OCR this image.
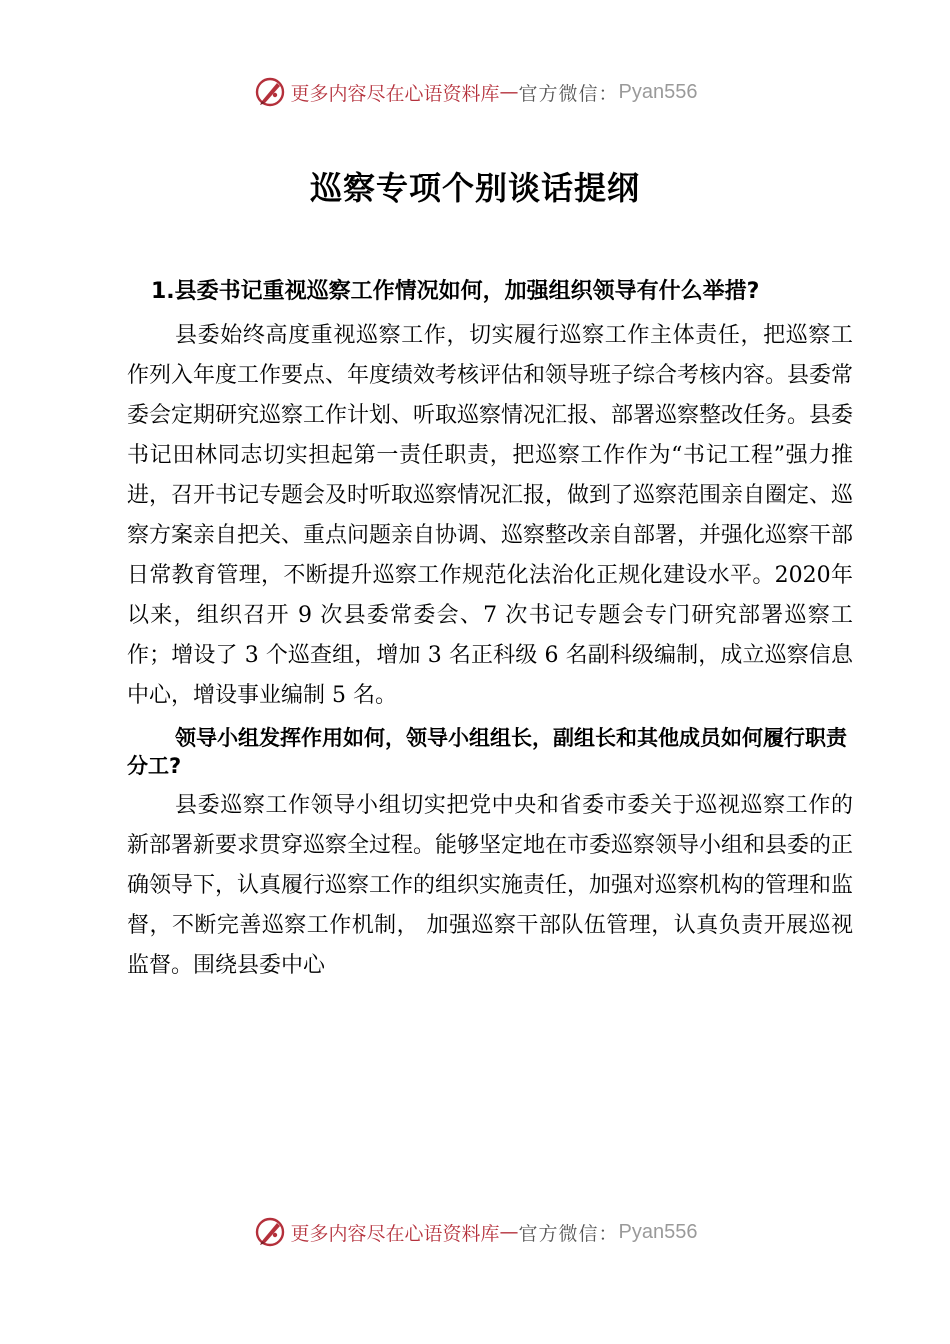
更多内容尽在心语资料库 — 官方微信： Pyan556
巡察专项个别谈话提纲

1.县委书记重视巡察工作情况如何，加强组织领导有什么举措?

县委始终高度重视巡察工作，切实履行巡察工作主体责任，把巡察工作列入年度工作要点、年度绩效考核评估和领导班子综合考核内容。县委常委会定期研究巡察工作计划、听取巡察情况汇报、部署巡察整改任务。县委书记田林同志切实担起第一责任职责，把巡察工作作为“书记工程”强力推进，召开书记专题会及时听取巡察情况汇报，做到了巡察范围亲自圈定、巡察方案亲自把关、重点问题亲自协调、巡察整改亲自部署，并强化巡察干部日常教育管理，不断提升巡察工作规范化法治化正规化建设水平。2020年以来，组织召开 9 次县委常委会、7 次书记专题会专门研究部署巡察工作；增设了 3 个巡查组，增加 3 名正科级 6 名副科级编制，成立巡察信息中心，增设事业编制 5 名。

领导小组发挥作用如何，领导小组组长，副组长和其他成员如何履行职责分工?

县委巡察工作领导小组切实把党中央和省委市委关于巡视巡察工作的新部署新要求贯穿巡察全过程。能够坚定地在市委巡察领导小组和县委的正确领导下，认真履行巡察工作的组织实施责任，加强对巡察机构的管理和监督，不断完善巡察工作机制， 加强巡察干部队伍管理，认真负责开展巡视监督。围绕县委中心

更多内容尽在心语资料库 — 官方微信： Pyan556
